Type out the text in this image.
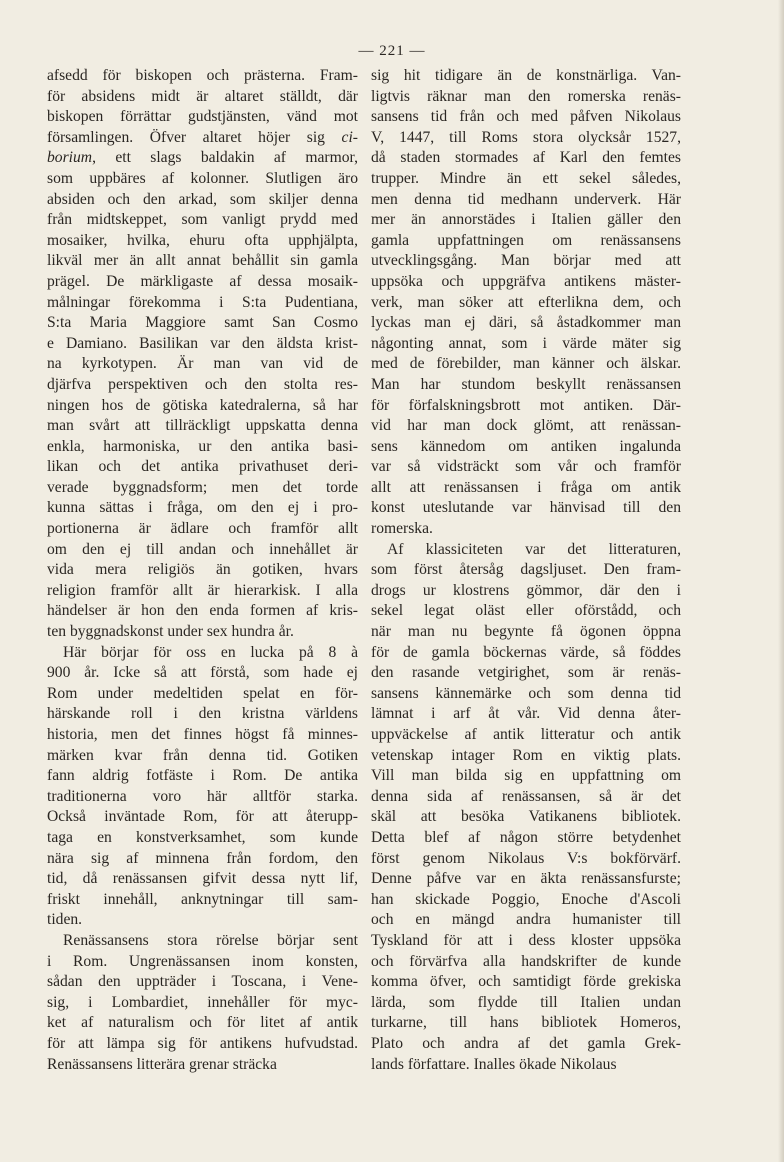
— 221 —
afsedd för biskopen och prästerna. Fram-
för absidens midt är altaret ställdt, där
biskopen förrättar gudstjänsten, vänd mot
församlingen. Öfver altaret höjer sig ci-
borium, ett slags baldakin af marmor,
som uppbäres af kolonner. Slutligen äro
absiden och den arkad, som skiljer denna
från midtskeppet, som vanligt prydd med
mosaiker, hvilka, ehuru ofta upphjälpta,
likväl mer än allt annat behållit sin gamla
prägel. De märkligaste af dessa mosaik-
målningar förekomma i S:ta Pudentiana,
S:ta Maria Maggiore samt San Cosmo
e Damiano. Basilikan var den äldsta krist-
na kyrkotypen. Är man van vid de
djärfva perspektiven och den stolta res-
ningen hos de götiska katedralerna, så har
man svårt att tillräckligt uppskatta denna
enkla, harmoniska, ur den antika basi-
likan och det antika privathuset deri-
verade byggnadsform; men det torde
kunna sättas i fråga, om den ej i pro-
portionerna är ädlare och framför allt
om den ej till andan och innehållet är
vida mera religiös än gotiken, hvars
religion framför allt är hierarkisk. I alla
händelser är hon den enda formen af kris-
ten byggnadskonst under sex hundra år.
Här börjar för oss en lucka på 8 à
900 år. Icke så att förstå, som hade ej
Rom under medeltiden spelat en för-
härskande roll i den kristna världens
historia, men det finnes högst få minnes-
märken kvar från denna tid. Gotiken
fann aldrig fotfäste i Rom. De antika
traditionerna voro här alltför starka.
Också inväntade Rom, för att återupp-
taga en konstverksamhet, som kunde
nära sig af minnena från fordom, den
tid, då renässansen gifvit dessa nytt lif,
friskt innehåll, anknytningar till sam-
tiden.
Renässansens stora rörelse börjar sent
i Rom. Ungrenässansen inom konsten,
sådan den uppträder i Toscana, i Vene-
sig, i Lombardiet, innehåller för myc-
ket af naturalism och för litet af antik
för att lämpa sig för antikens hufvudstad.
Renässansens litterära grenar sträcka
sig hit tidigare än de konstnärliga. Van-
ligtvis räknar man den romerska renäs-
sansens tid från och med påfven Nikolaus
V, 1447, till Roms stora olycksår 1527,
då staden stormades af Karl den femtes
trupper. Mindre än ett sekel således,
men denna tid medhann underverk. Här
mer än annorstädes i Italien gäller den
gamla uppfattningen om renässansens
utvecklingsgång. Man börjar med att
uppsöka och uppgräfva antikens mäster-
verk, man söker att efterlikna dem, och
lyckas man ej däri, så åstadkommer man
någonting annat, som i värde mäter sig
med de förebilder, man känner och älskar.
Man har stundom beskyllt renässansen
för förfalskningsbrott mot antiken. Där-
vid har man dock glömt, att renässan-
sens kännedom om antiken ingalunda
var så vidsträckt som vår och framför
allt att renässansen i fråga om antik
konst uteslutande var hänvisad till den
romerska.
Af klassiciteten var det litteraturen,
som först återsåg dagsljuset. Den fram-
drogs ur klostrens gömmor, där den i
sekel legat oläst eller oförstådd, och
när man nu begynte få ögonen öppna
för de gamla böckernas värde, så föddes
den rasande vetgirighet, som är renäs-
sansens kännemärke och som denna tid
lämnat i arf åt vår. Vid denna åter-
uppväckelse af antik litteratur och antik
vetenskap intager Rom en viktig plats.
Vill man bilda sig en uppfattning om
denna sida af renässansen, så är det
skäl att besöka Vatikanens bibliotek.
Detta blef af någon större betydenhet
först genom Nikolaus V:s bokförvärf.
Denne påfve var en äkta renässansfurste;
han skickade Poggio, Enoche d'Ascoli
och en mängd andra humanister till
Tyskland för att i dess kloster uppsöka
och förvärfva alla handskrifter de kunde
komma öfver, och samtidigt förde grekiska
lärda, som flydde till Italien undan
turkarne, till hans bibliotek Homeros,
Plato och andra af det gamla Grek-
lands författare. Inalles ökade Nikolaus
